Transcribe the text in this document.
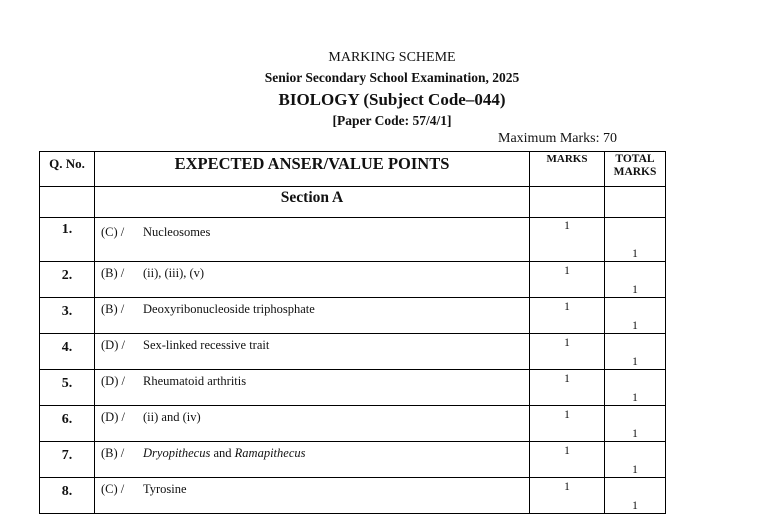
MARKING SCHEME
Senior Secondary School Examination, 2025
BIOLOGY (Subject Code–044)
[Paper Code: 57/4/1]
Maximum Marks: 70
Q. No.	EXPECTED ANSER/VALUE POINTS	MARKS	TOTAL
MARKS
	Section A		
1.	(C) / Nucleosomes	1	1

2.	(B) / (ii), (iii), (v)	1	1

3.	(B) / Deoxyribonucleoside triphosphate	1	1

4.	(D) / Sex-linked recessive trait	1	1

5.	(D) / Rheumatoid arthritis	1	1

6.	(D) / (ii) and (iv)	1	1

7.	(B) / Dryopithecus and Ramapithecus	1	1

8.	(C) / Tyrosine	1	1
